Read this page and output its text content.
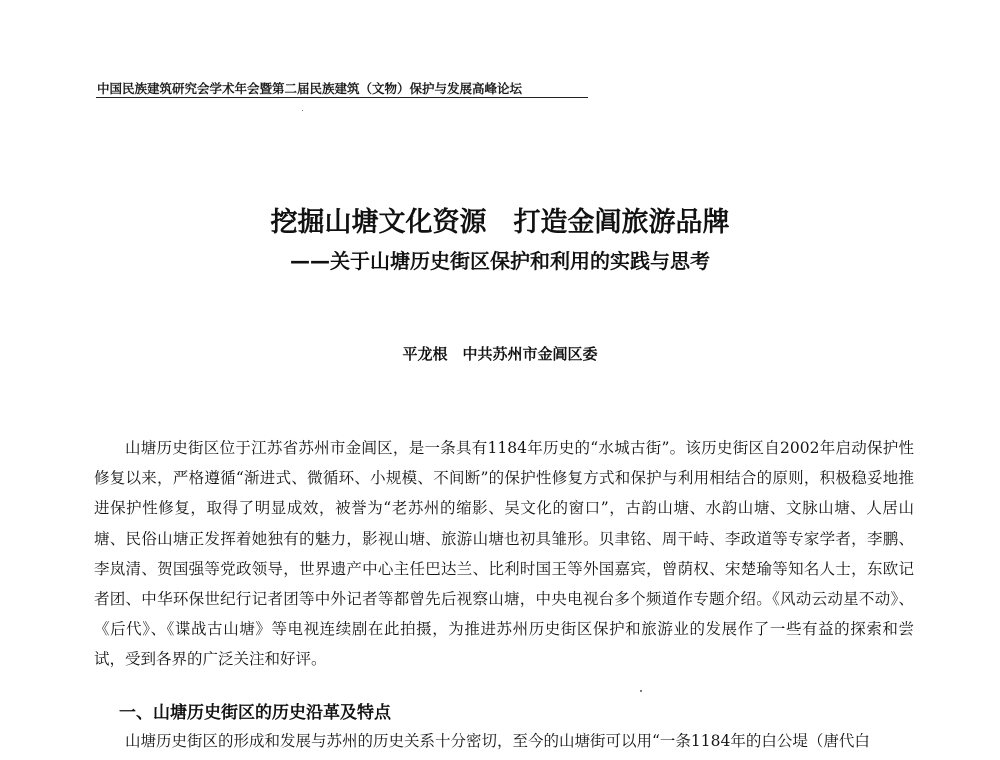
中国民族建筑研究会学术年会暨第二届民族建筑（文物）保护与发展高峰论坛
挖掘山塘文化资源　打造金阊旅游品牌
——关于山塘历史街区保护和利用的实践与思考
平龙根　中共苏州市金阊区委

山塘历史街区位于江苏省苏州市金阊区，是一条具有1184年历史的“水城古街”。该历史街区自2002年启动保护性修复以来，严格遵循“渐进式、微循环、小规模、不间断”的保护性修复方式和保护与利用相结合的原则，积极稳妥地推进保护性修复，取得了明显成效，被誉为“老苏州的缩影、吴文化的窗口”，古韵山塘、水韵山塘、文脉山塘、人居山塘、民俗山塘正发挥着她独有的魅力，影视山塘、旅游山塘也初具雏形。贝聿铭、周干峙、李政道等专家学者，李鹏、李岚清、贺国强等党政领导，世界遗产中心主任巴达兰、比利时国王等外国嘉宾，曾荫权、宋楚瑜等知名人士，东欧记者团、中华环保世纪行记者团等中外记者等都曾先后视察山塘，中央电视台多个频道作专题介绍。《风动云动星不动》、《后代》、《谍战古山塘》等电视连续剧在此拍摄，为推进苏州历史街区保护和旅游业的发展作了一些有益的探索和尝试，受到各界的广泛关注和好评。

一、山塘历史街区的历史沿革及特点

山塘历史街区的形成和发展与苏州的历史关系十分密切，至今的山塘街可以用“一条1184年的白公堤（唐代白
